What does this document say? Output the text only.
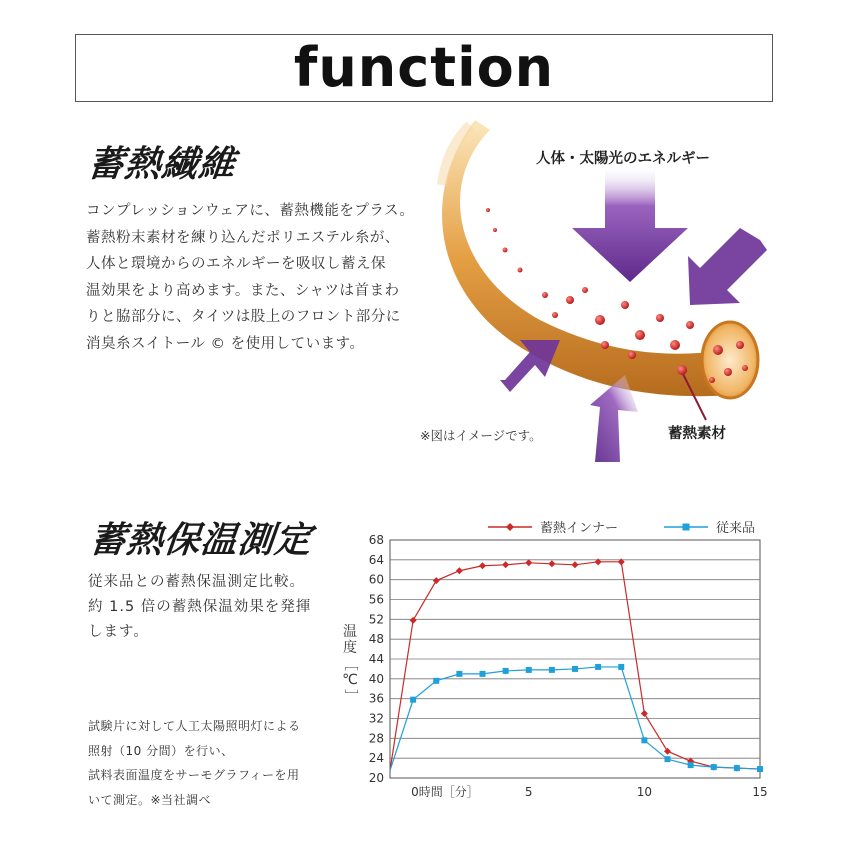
function
蓄熱繊維
コンプレッションウェアに、蓄熱機能をプラス。
蓄熱粉末素材を練り込んだポリエステル糸が、
人体と環境からのエネルギーを吸収し蓄え保
温効果をより高めます。また、シャツは首まわ
りと脇部分に、タイツは股上のフロント部分に
消臭糸スイトール © を使用しています。
人体・太陽光のエネルギー
蓄熱素材
※図はイメージです。
蓄熱保温測定
従来品との蓄熱保温測定比較。
約 1.5 倍の蓄熱保温効果を発揮
します。
試験片に対して人工太陽照明灯による
照射（10 分間）を行い、
試料表面温度をサーモグラフィーを用
いて測定。※当社調べ
20
24
28
32
36
40
44
48
52
56
60
64
68
0時間［分］	5	10	15
蓄熱インナー	従来品
温
度
［
℃
］
